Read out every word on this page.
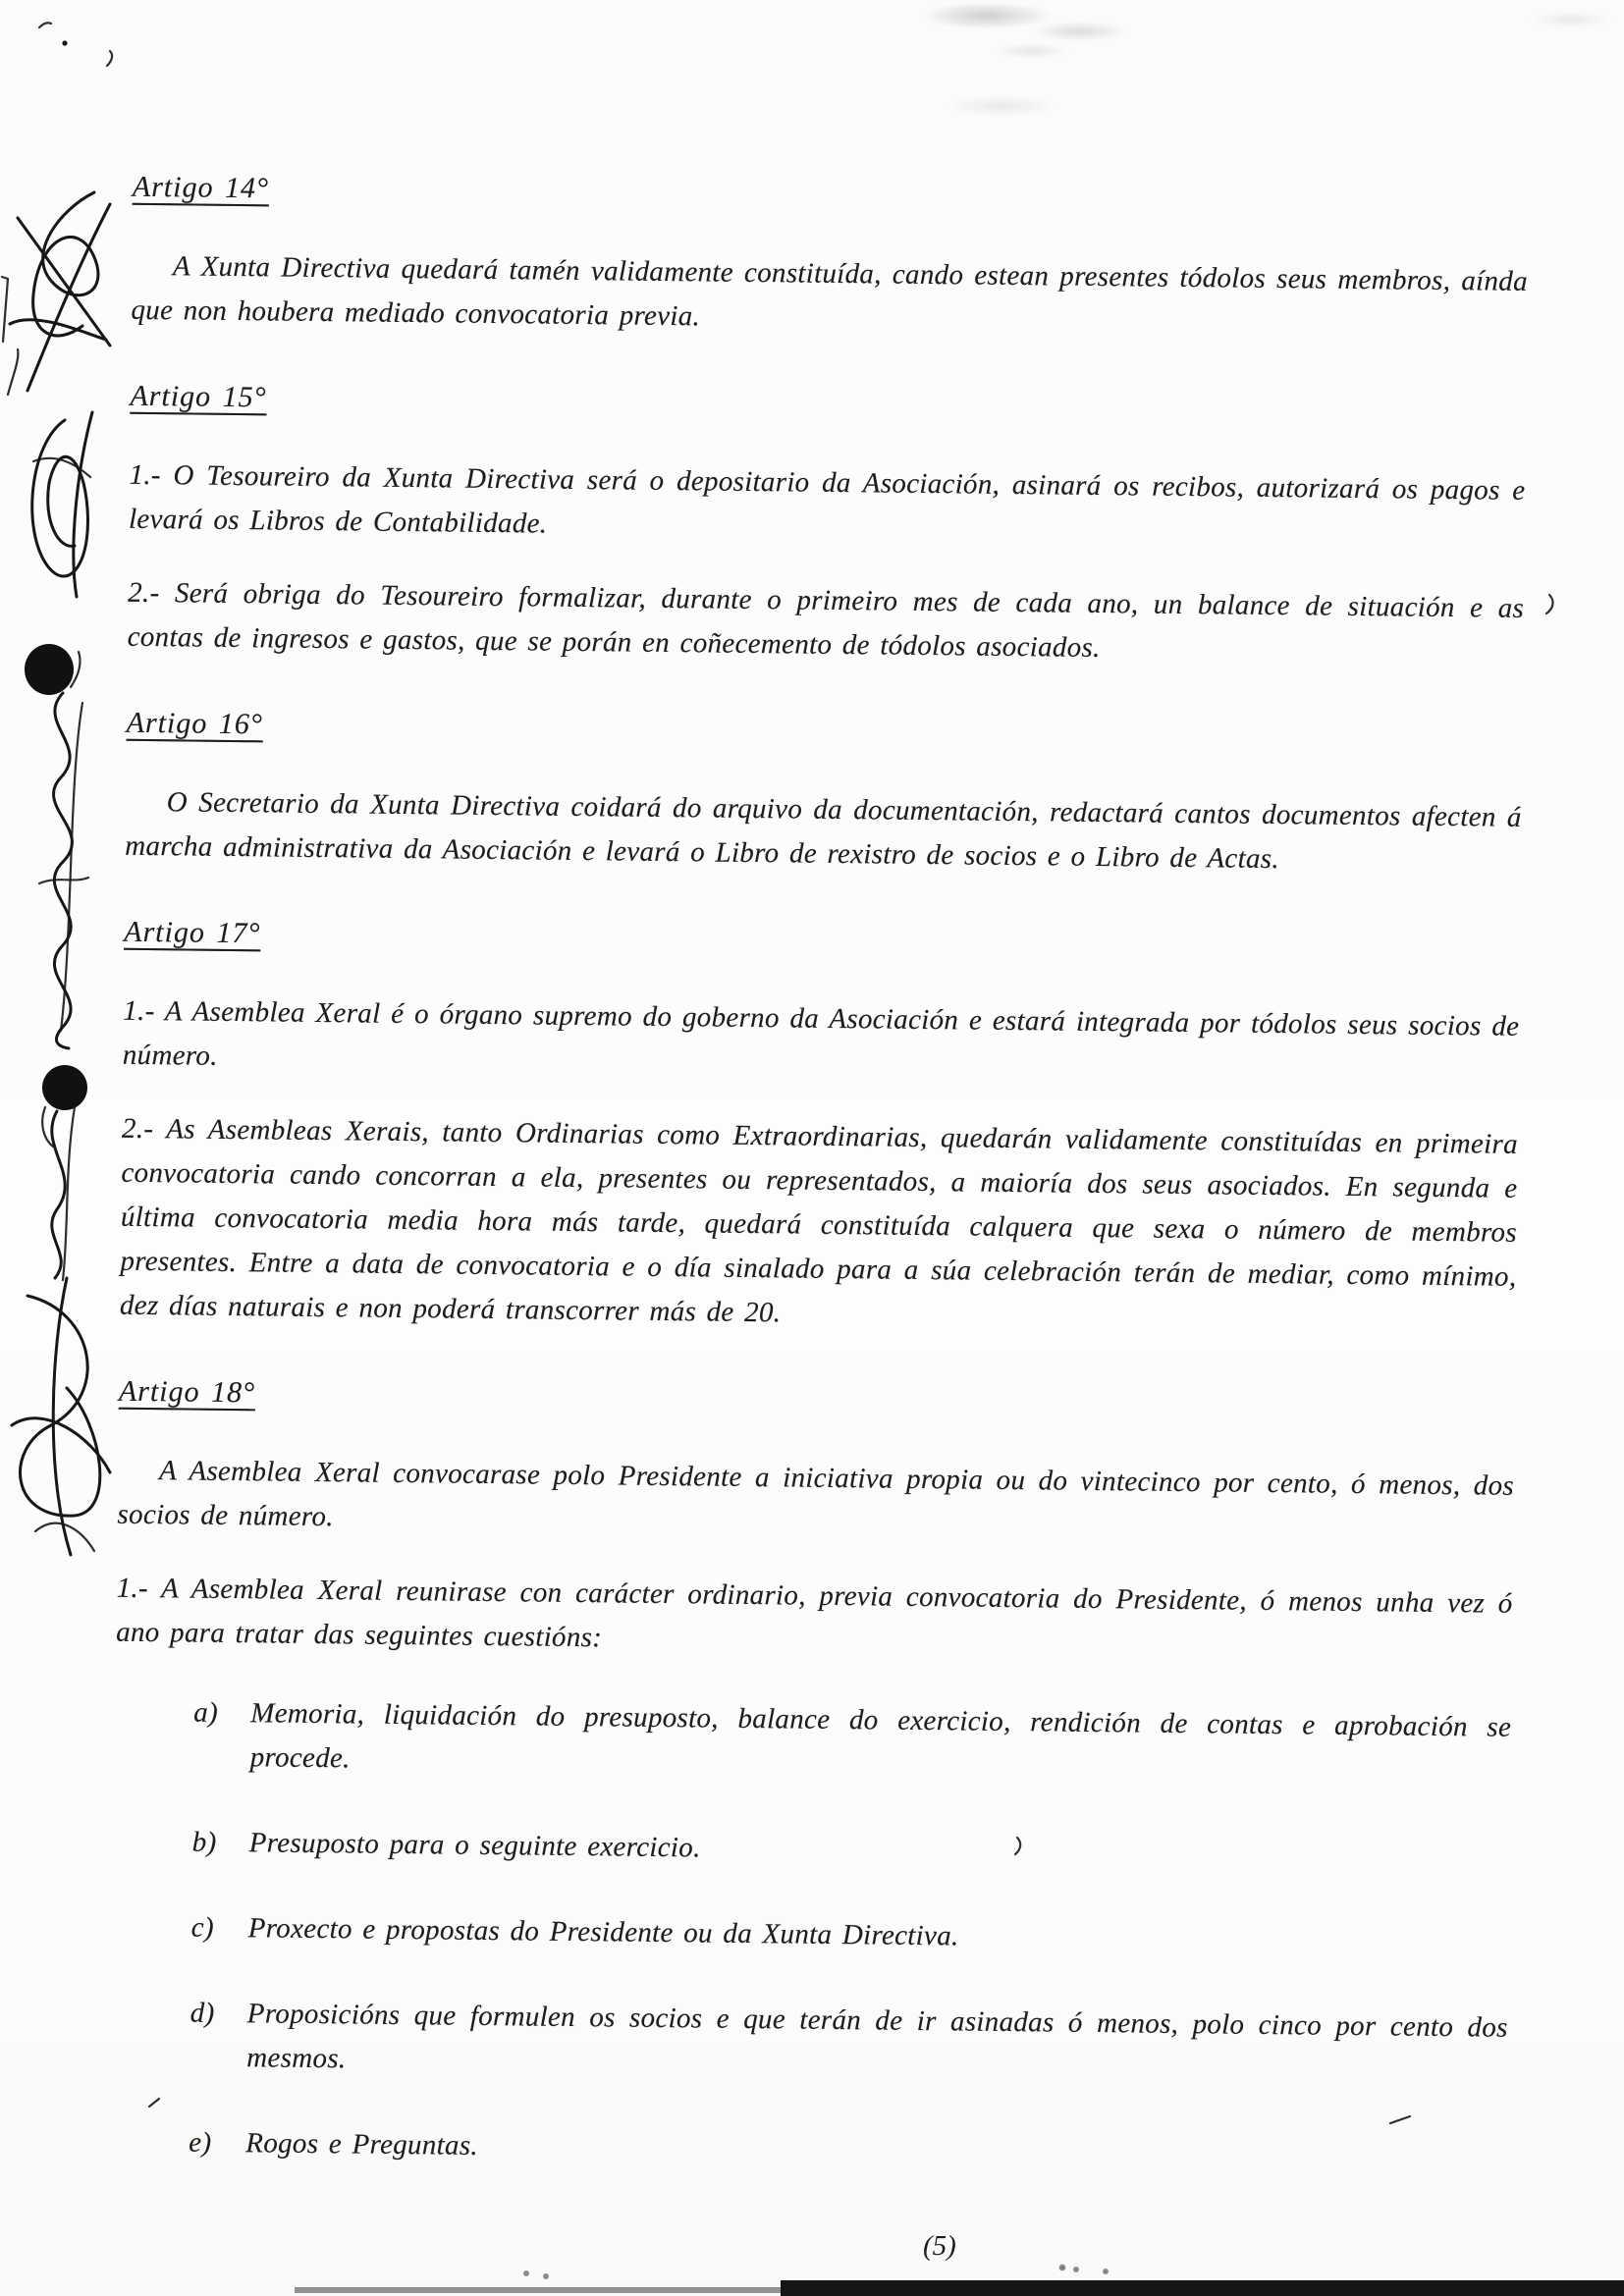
Artigo 14°

A Xunta Directiva quedará tamén validamente constituída, cando estean presentes tódolos seus membros, aínda que non houbera mediado convocatoria previa.

Artigo 15°

1.- O Tesoureiro da Xunta Directiva será o depositario da Asociación, asinará os recibos, autorizará os pagos e levará os Libros de Contabilidade.

2.- Será obriga do Tesoureiro formalizar, durante o primeiro mes de cada ano, un balance de situación e as contas de ingresos e gastos, que se porán en coñecemento de tódolos asociados.

Artigo 16°

O Secretario da Xunta Directiva coidará do arquivo da documentación, redactará cantos documentos afecten á marcha administrativa da Asociación e levará o Libro de rexistro de socios e o Libro de Actas.

Artigo 17°

1.- A Asemblea Xeral é o órgano supremo do goberno da Asociación e estará integrada por tódolos seus socios de número.

2.- As Asembleas Xerais, tanto Ordinarias como Extraordinarias, quedarán validamente constituídas en primeira convocatoria cando concorran a ela, presentes ou representados, a maioría dos seus asociados. En segunda e última convocatoria media hora más tarde, quedará constituída calquera que sexa o número de membros presentes. Entre a data de convocatoria e o día sinalado para a súa celebración terán de mediar, como mínimo, dez días naturais e non poderá transcorrer más de 20.

Artigo 18°

A Asemblea Xeral convocarase polo Presidente a iniciativa propia ou do vintecinco por cento, ó menos, dos socios de número.

1.- A Asemblea Xeral reunirase con carácter ordinario, previa convocatoria do Presidente, ó menos unha vez ó ano para tratar das seguintes cuestións:

a)	Memoria, liquidación do presuposto, balance do exercicio, rendición de contas e aprobación se procede.
b)	Presuposto para o seguinte exercicio.
c)	Proxecto e propostas do Presidente ou da Xunta Directiva.
d)	Proposicións que formulen os socios e que terán de ir asinadas ó menos, polo cinco por cento dos mesmos.
e)	Rogos e Preguntas.
(5)
